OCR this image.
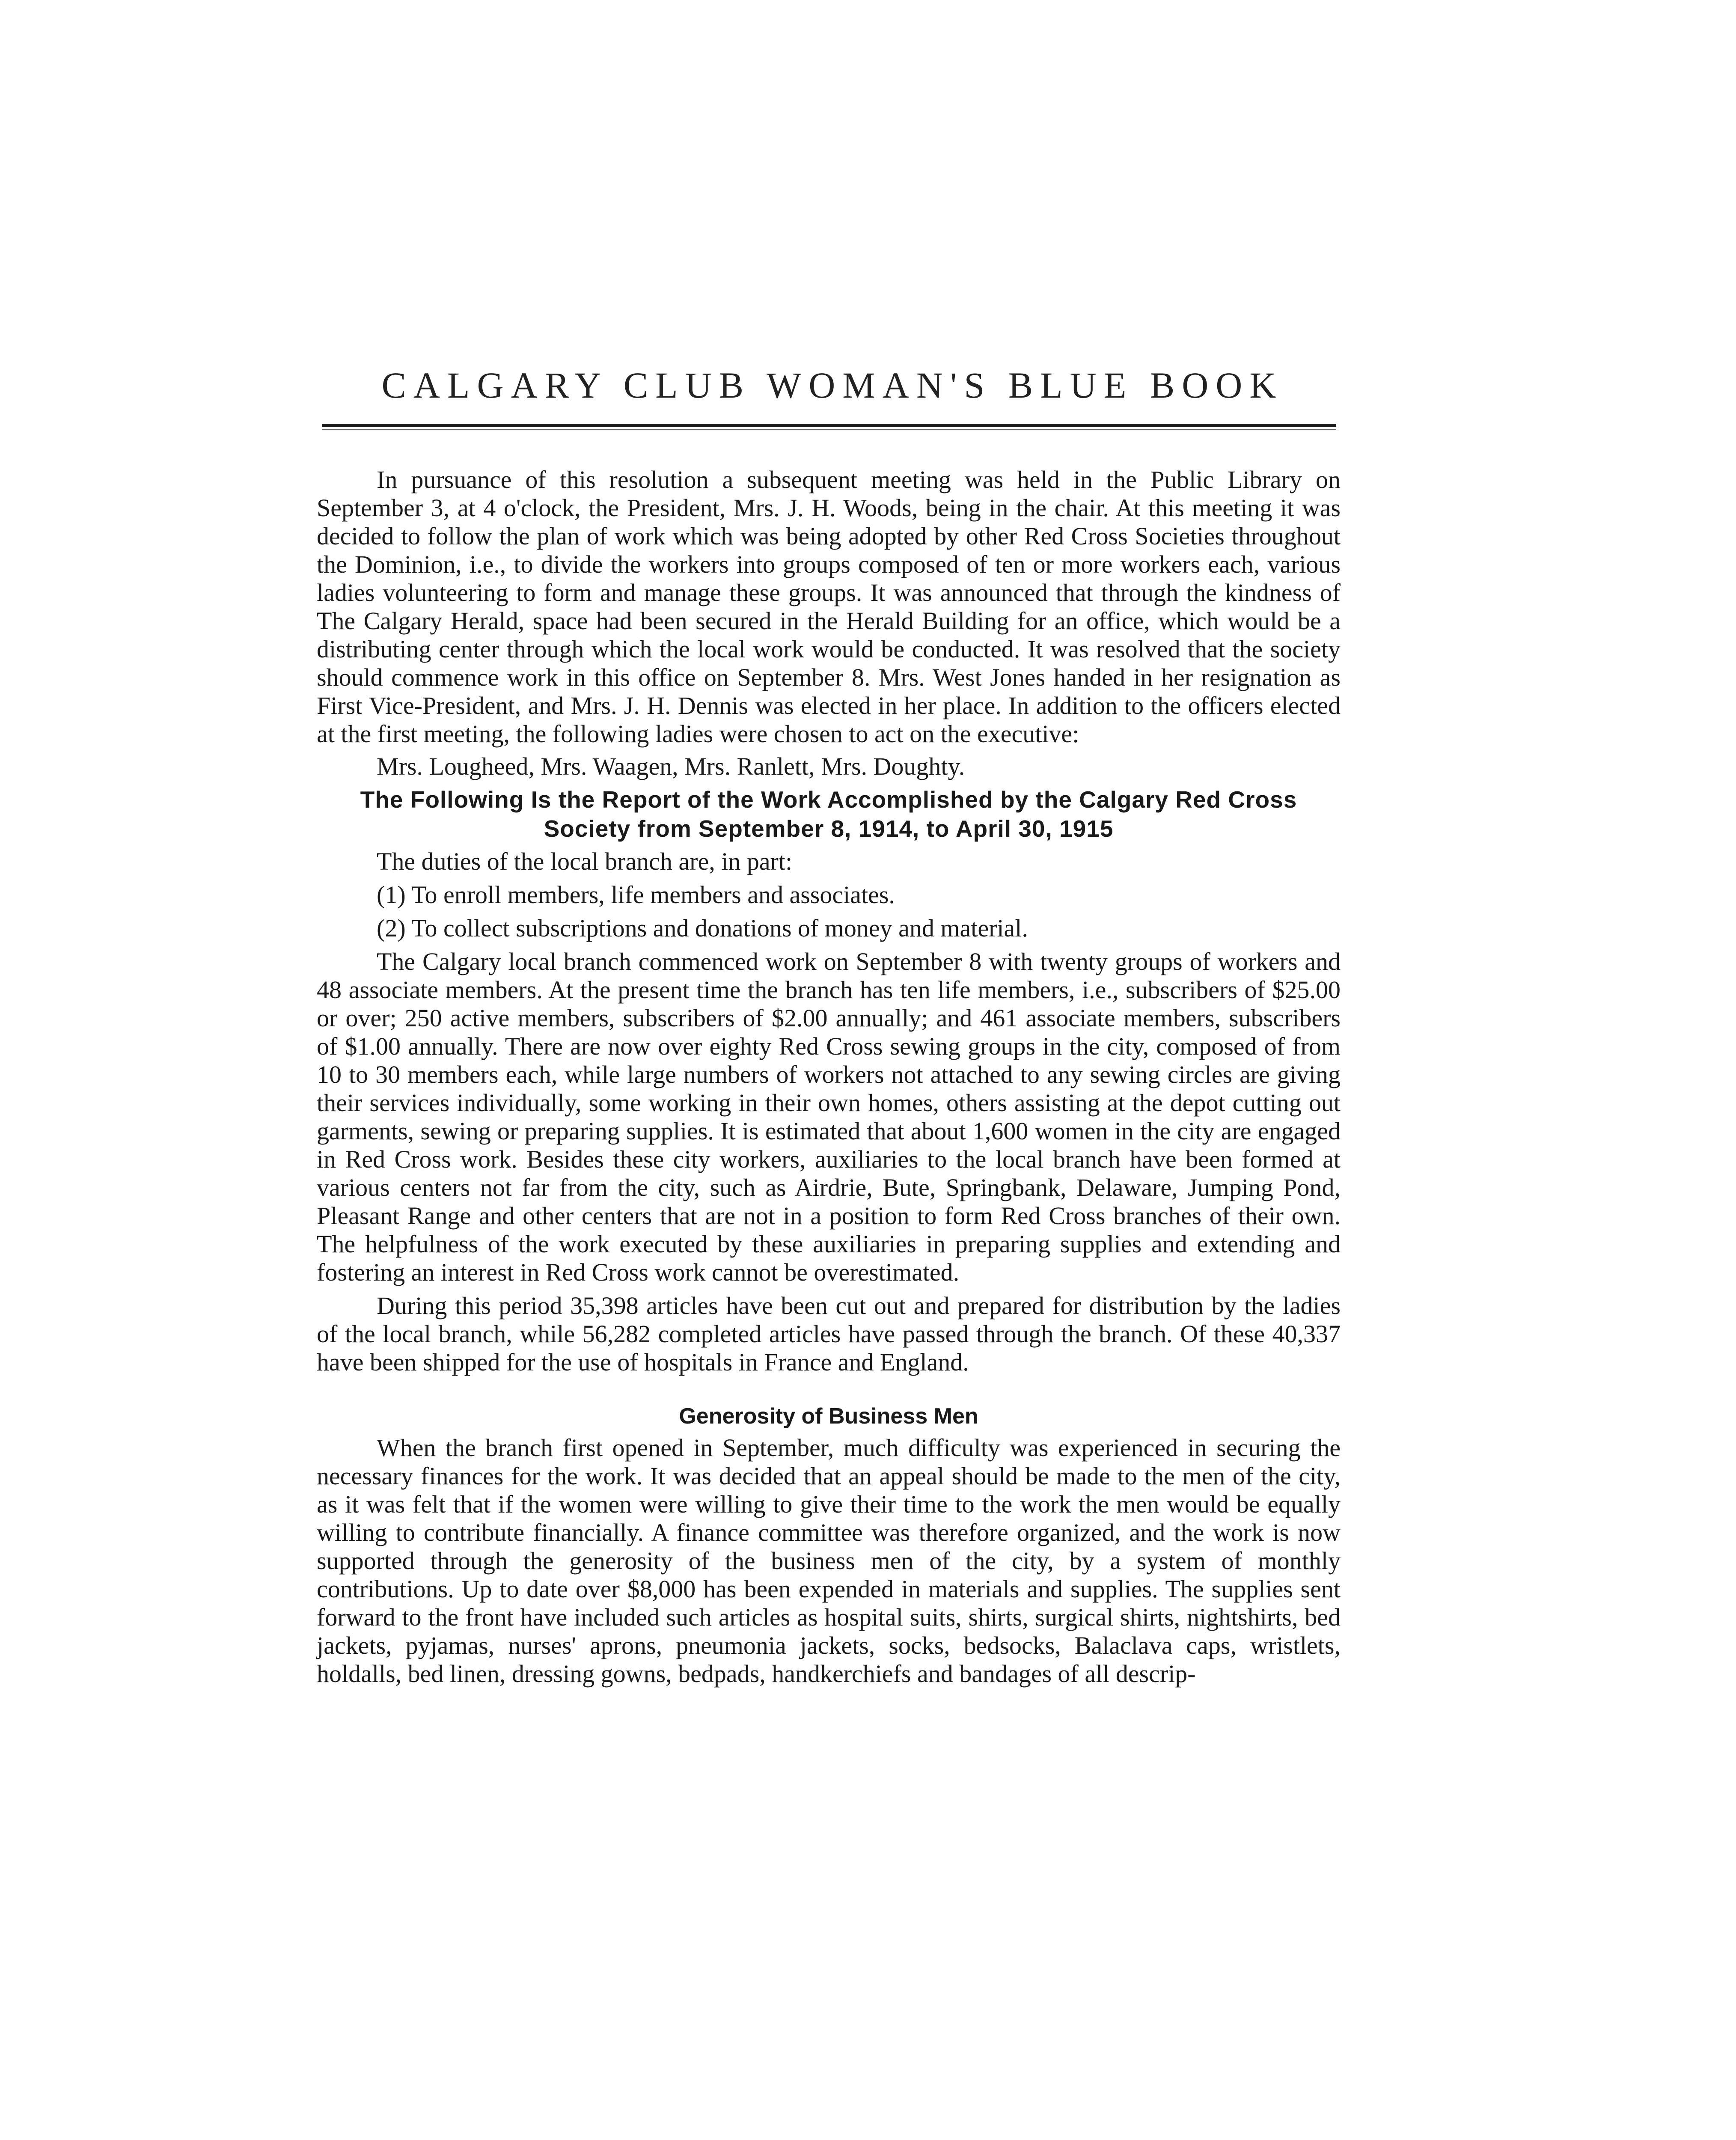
CALGARY CLUB WOMAN'S BLUE BOOK

In pursuance of this resolution a subsequent meeting was held in the Public Library on September 3, at 4 o'clock, the President, Mrs. J. H. Woods, being in the chair. At this meeting it was decided to follow the plan of work which was being adopted by other Red Cross Societies throughout the Dominion, i.e., to divide the workers into groups composed of ten or more workers each, various ladies volunteering to form and manage these groups. It was announced that through the kindness of The Calgary Herald, space had been secured in the Herald Building for an office, which would be a distributing center through which the local work would be conducted. It was resolved that the society should commence work in this office on September 8. Mrs. West Jones handed in her resignation as First Vice-President, and Mrs. J. H. Dennis was elected in her place. In addition to the officers elected at the first meeting, the following ladies were chosen to act on the executive:

Mrs. Lougheed, Mrs. Waagen, Mrs. Ranlett, Mrs. Doughty.

The Following Is the Report of the Work Accomplished by the Calgary Red Cross Society from September 8, 1914, to April 30, 1915

The duties of the local branch are, in part:

(1) To enroll members, life members and associates.

(2) To collect subscriptions and donations of money and material.

The Calgary local branch commenced work on September 8 with twenty groups of workers and 48 associate members. At the present time the branch has ten life members, i.e., subscribers of $25.00 or over; 250 active members, subscribers of $2.00 annually; and 461 associate members, subscribers of $1.00 annually. There are now over eighty Red Cross sewing groups in the city, composed of from 10 to 30 members each, while large numbers of workers not attached to any sewing circles are giving their services individually, some working in their own homes, others assisting at the depot cutting out garments, sewing or preparing supplies. It is estimated that about 1,600 women in the city are engaged in Red Cross work. Besides these city workers, auxiliaries to the local branch have been formed at various centers not far from the city, such as Airdrie, Bute, Springbank, Delaware, Jumping Pond, Pleasant Range and other centers that are not in a position to form Red Cross branches of their own. The helpfulness of the work executed by these auxiliaries in preparing supplies and extending and fostering an interest in Red Cross work cannot be overestimated.

During this period 35,398 articles have been cut out and prepared for distribution by the ladies of the local branch, while 56,282 completed articles have passed through the branch. Of these 40,337 have been shipped for the use of hospitals in France and England.

Generosity of Business Men

When the branch first opened in September, much difficulty was experienced in securing the necessary finances for the work. It was decided that an appeal should be made to the men of the city, as it was felt that if the women were willing to give their time to the work the men would be equally willing to contribute financially. A finance committee was therefore organized, and the work is now supported through the generosity of the business men of the city, by a system of monthly contributions. Up to date over $8,000 has been expended in materials and supplies. The supplies sent forward to the front have included such articles as hospital suits, shirts, surgical shirts, nightshirts, bed jackets, pyjamas, nurses' aprons, pneumonia jackets, socks, bedsocks, Balaclava caps, wristlets, holdalls, bed linen, dressing gowns, bedpads, handkerchiefs and bandages of all descrip-
